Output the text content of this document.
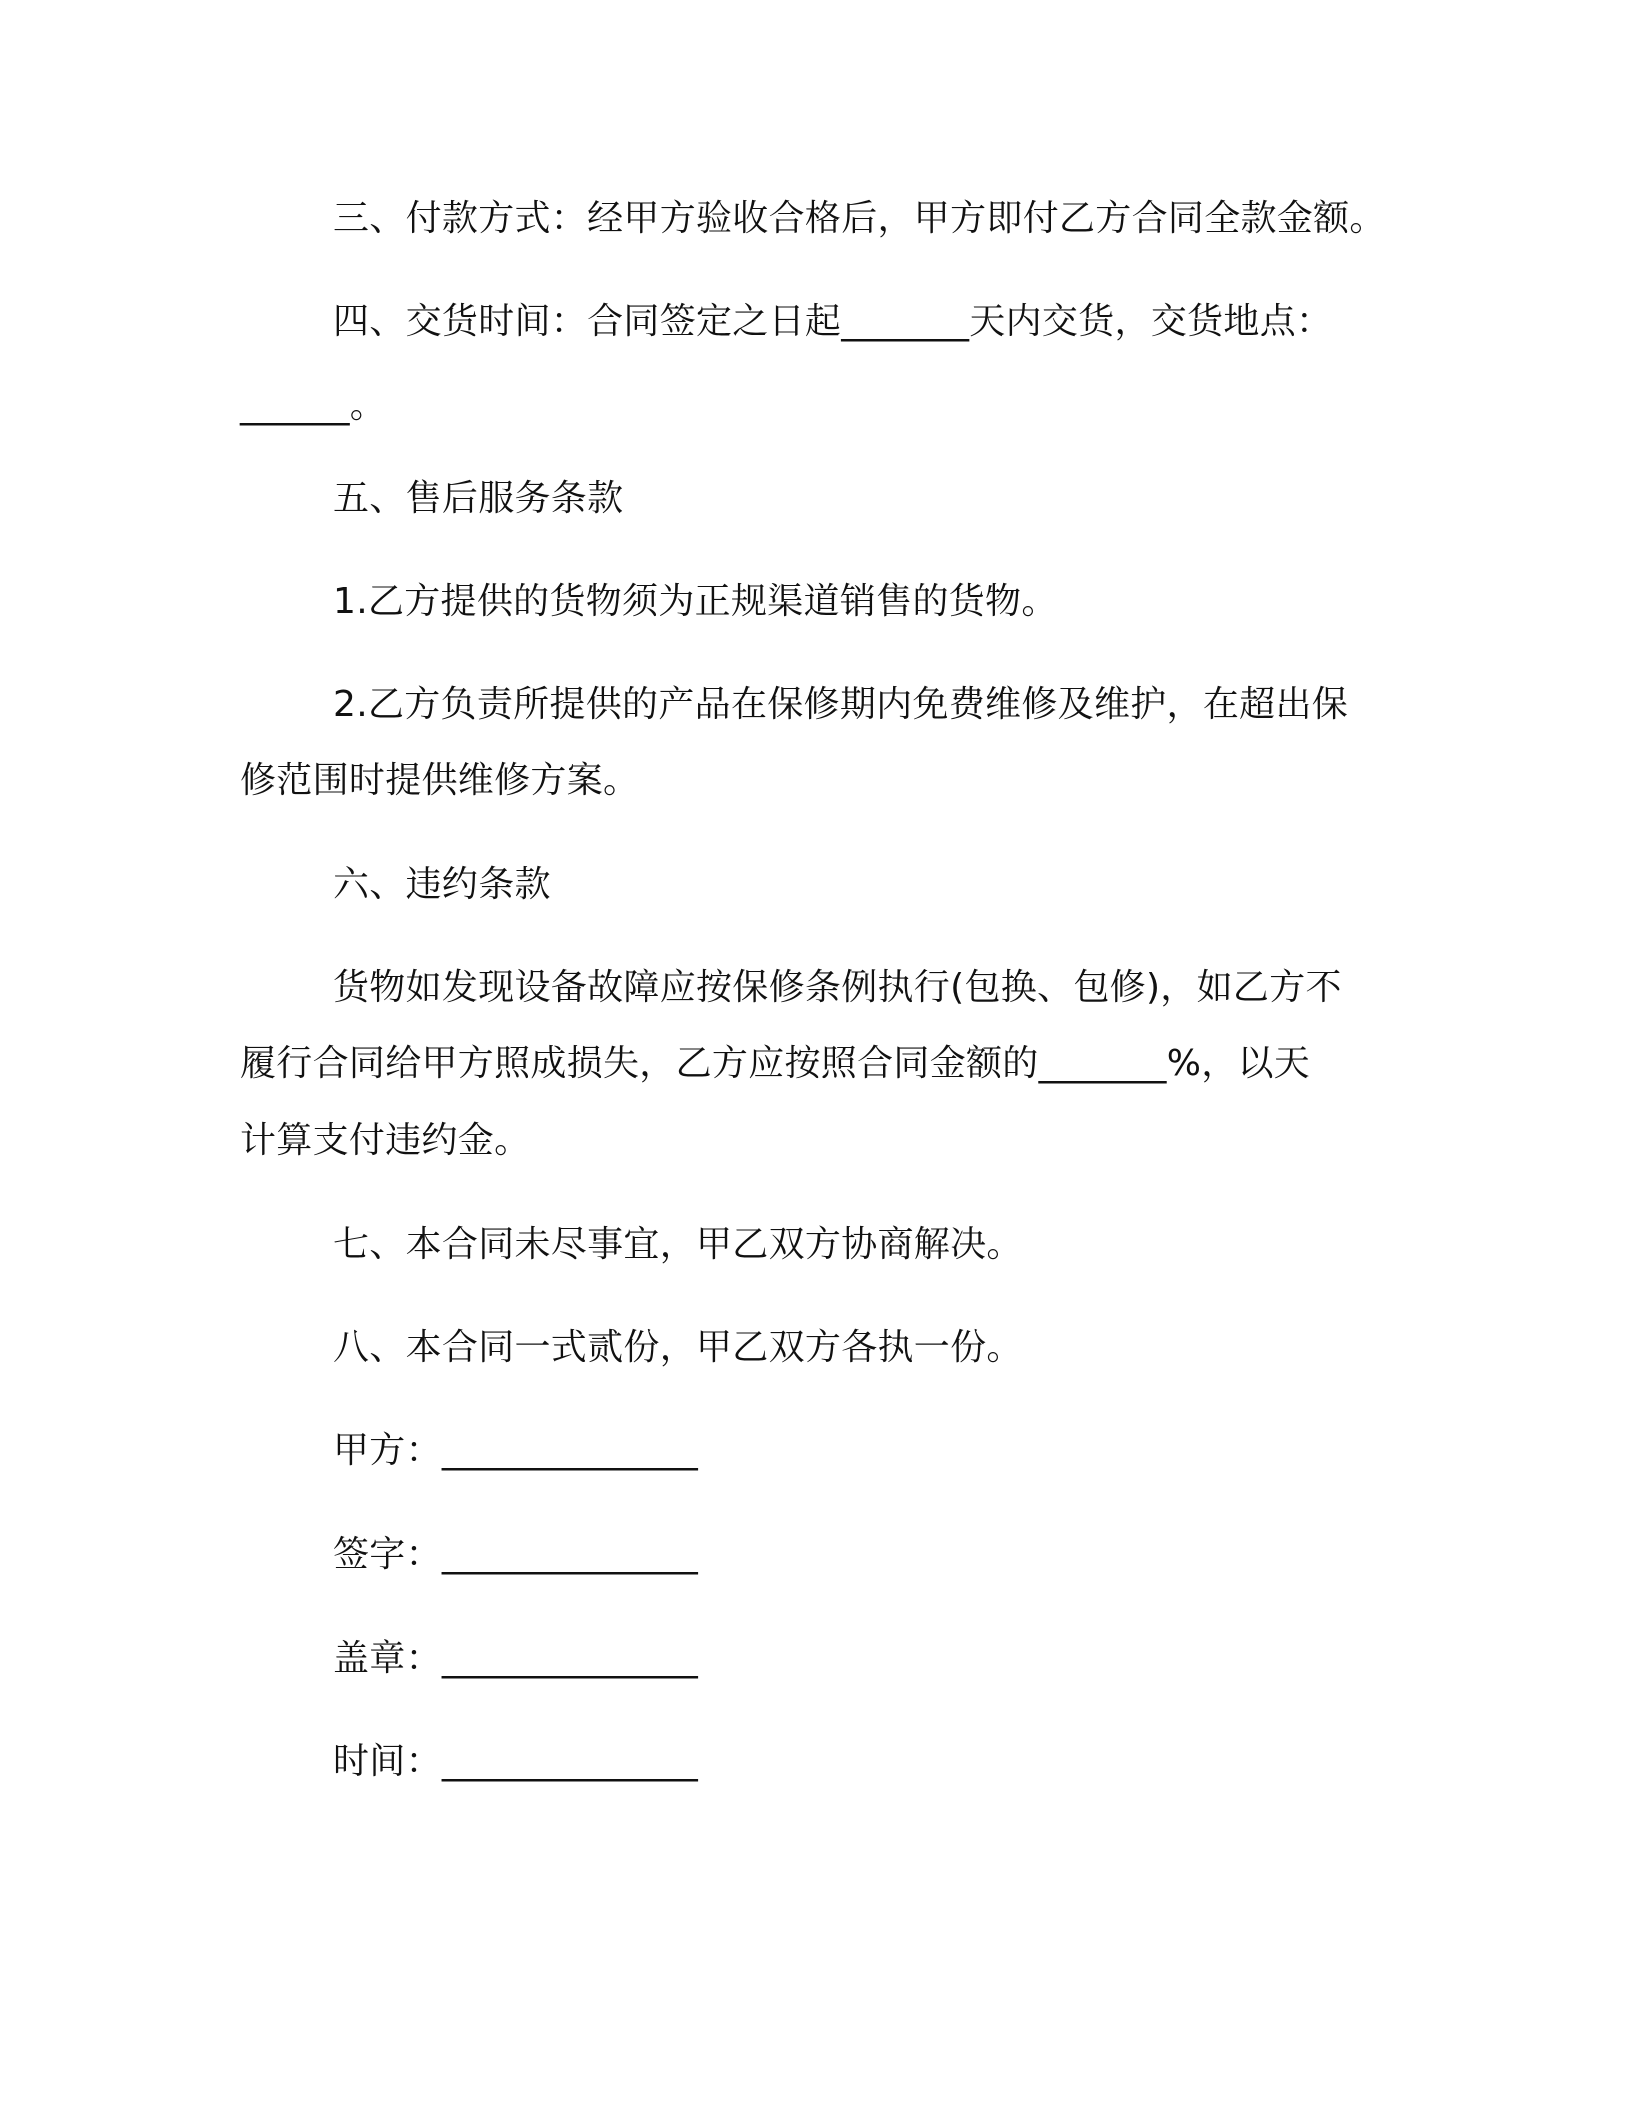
三、付款方式：经甲方验收合格后，甲方即付乙方合同全款金额。
四、交货时间：合同签定之日起_______天内交货，交货地点：
______。
五、售后服务条款
1.乙方提供的货物须为正规渠道销售的货物。
2.乙方负责所提供的产品在保修期内免费维修及维护，在超出保
修范围时提供维修方案。
六、违约条款
货物如发现设备故障应按保修条例执行(包换、包修)，如乙方不
履行合同给甲方照成损失，乙方应按照合同金额的_______%，以天
计算支付违约金。
七、本合同未尽事宜，甲乙双方协商解决。
八、本合同一式贰份，甲乙双方各执一份。
甲方：______________
签字：______________
盖章：______________
时间：______________
